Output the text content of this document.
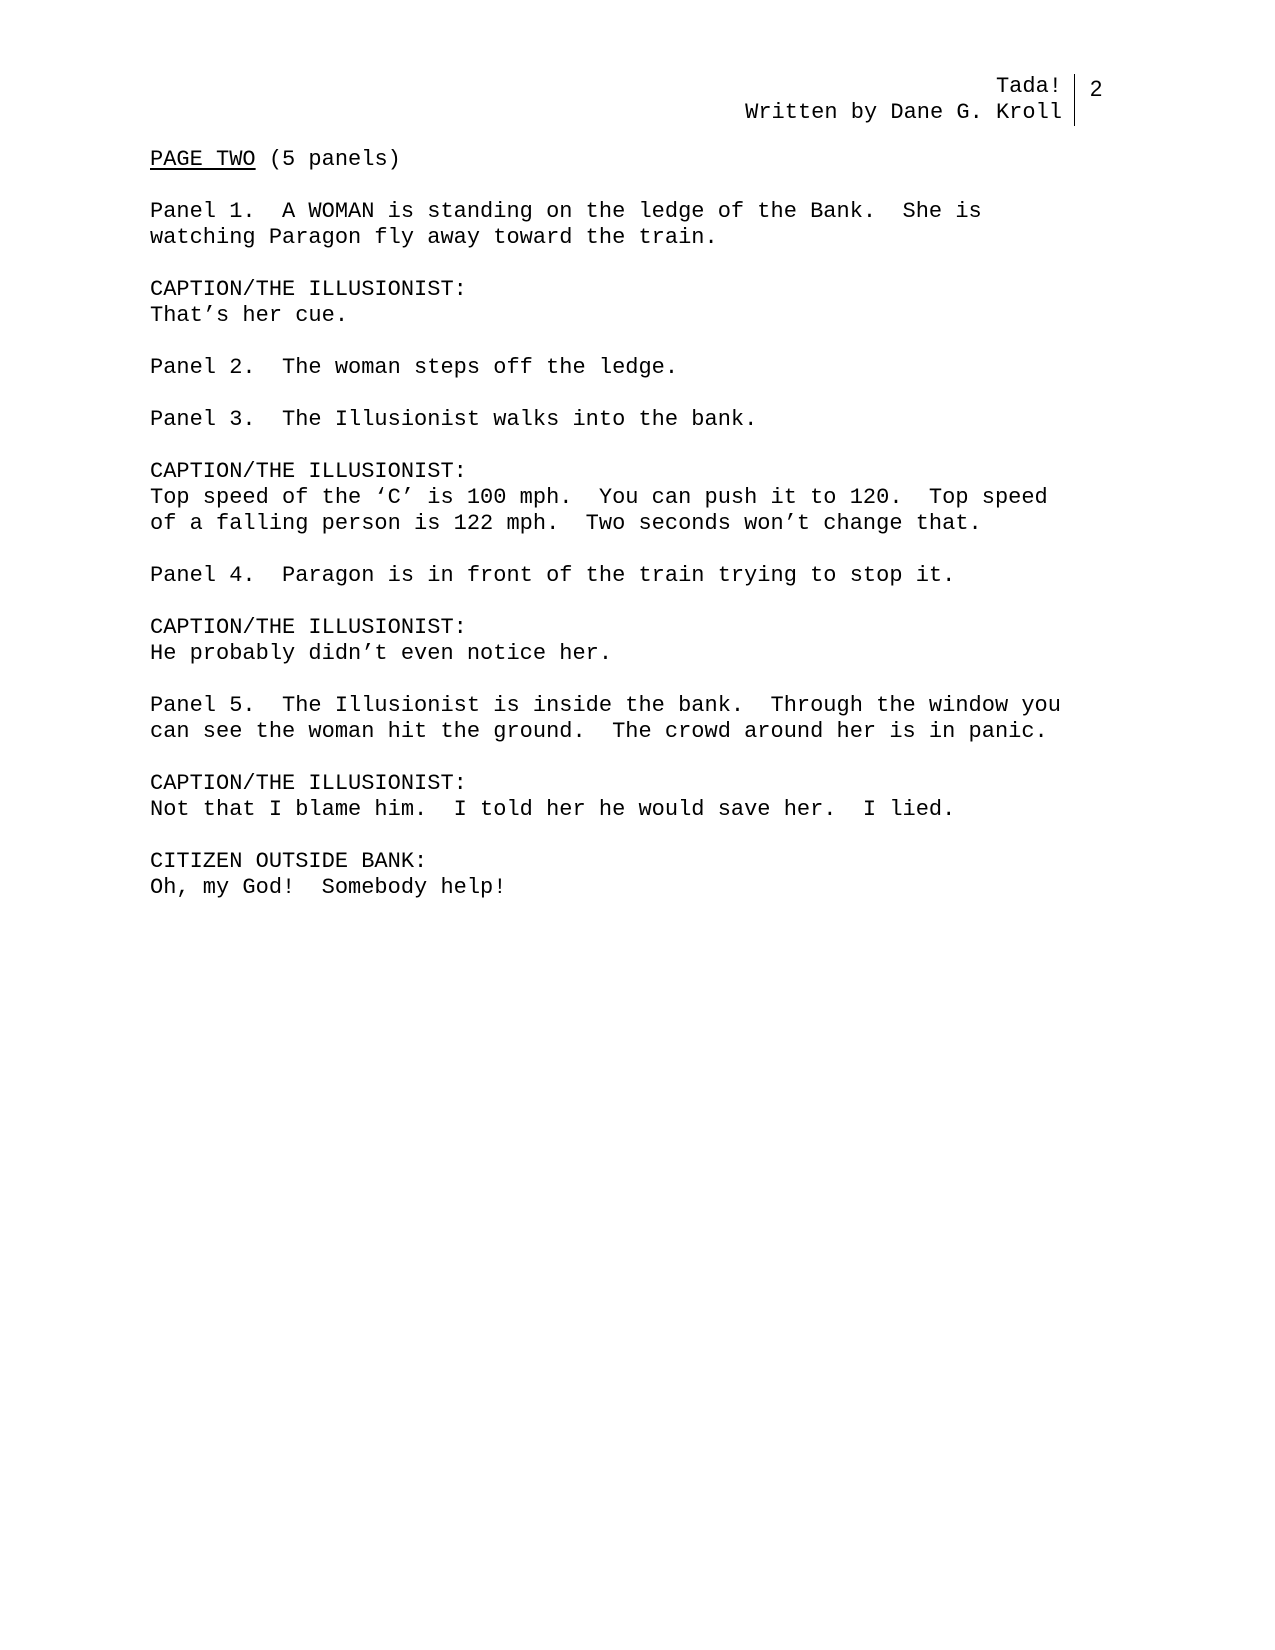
Tada!
Written by Dane G. Kroll
2
PAGE TWO (5 panels)
Panel 1.  A WOMAN is standing on the ledge of the Bank.  She is
watching Paragon fly away toward the train.
CAPTION/THE ILLUSIONIST:
That’s her cue.
Panel 2.  The woman steps off the ledge.
Panel 3.  The Illusionist walks into the bank.
CAPTION/THE ILLUSIONIST:
Top speed of the ‘C’ is 100 mph.  You can push it to 120.  Top speed
of a falling person is 122 mph.  Two seconds won’t change that.
Panel 4.  Paragon is in front of the train trying to stop it.
CAPTION/THE ILLUSIONIST:
He probably didn’t even notice her.
Panel 5.  The Illusionist is inside the bank.  Through the window you
can see the woman hit the ground.  The crowd around her is in panic.
CAPTION/THE ILLUSIONIST:
Not that I blame him.  I told her he would save her.  I lied.
CITIZEN OUTSIDE BANK:
Oh, my God!  Somebody help!
